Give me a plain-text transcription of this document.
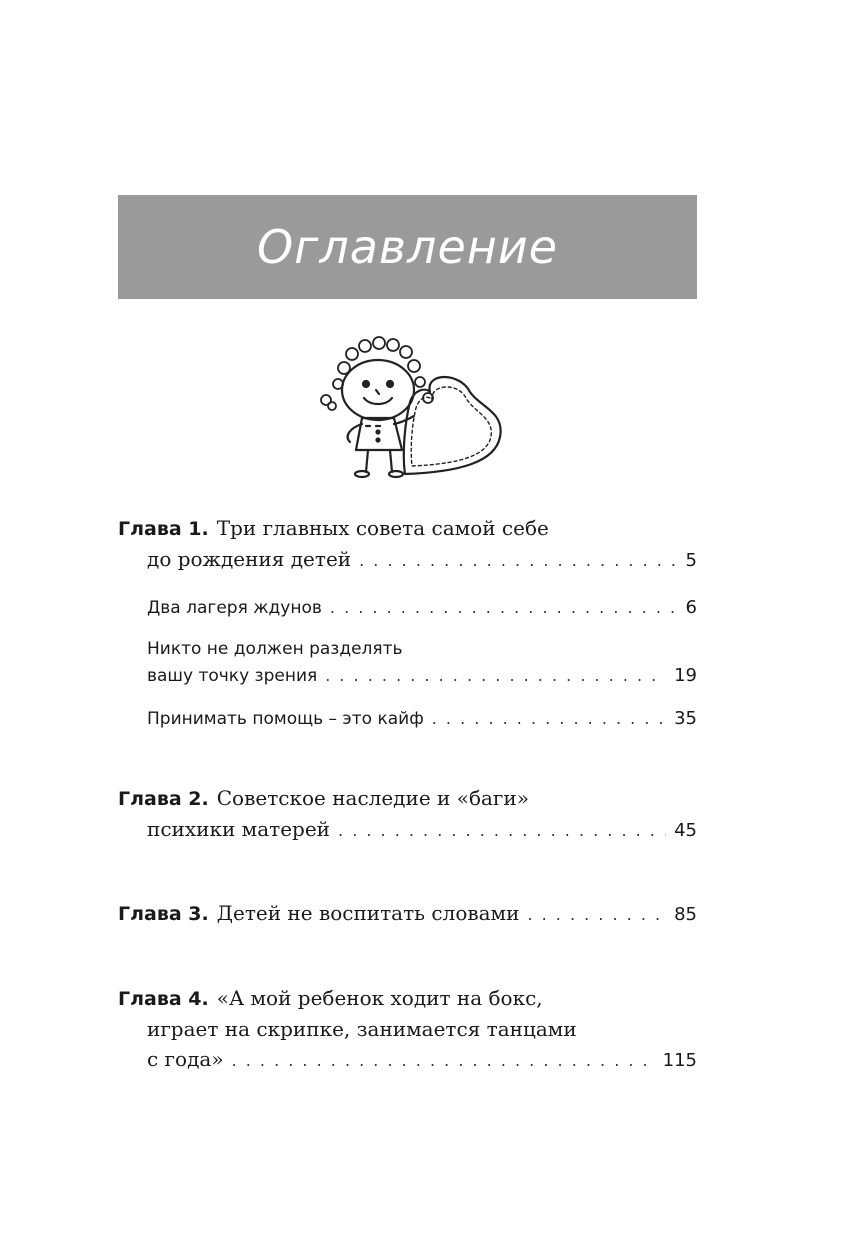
Оглавление
Глава 1. Три главных совета самой себе
до рождения детей . . .	5
Два лагеря ждунов . . .	6
Никто не должен разделять
вашу точку зрения . . .	19
Принимать помощь – это кайф . . .	35
Глава 2. Советское наследие и «баги»
психики матерей . . .	45
Глава 3. Детей не воспитать словами . . .	85
Глава 4. «А мой ребенок ходит на бокс,
играет на скрипке, занимается танцами
с года» . . .	115
